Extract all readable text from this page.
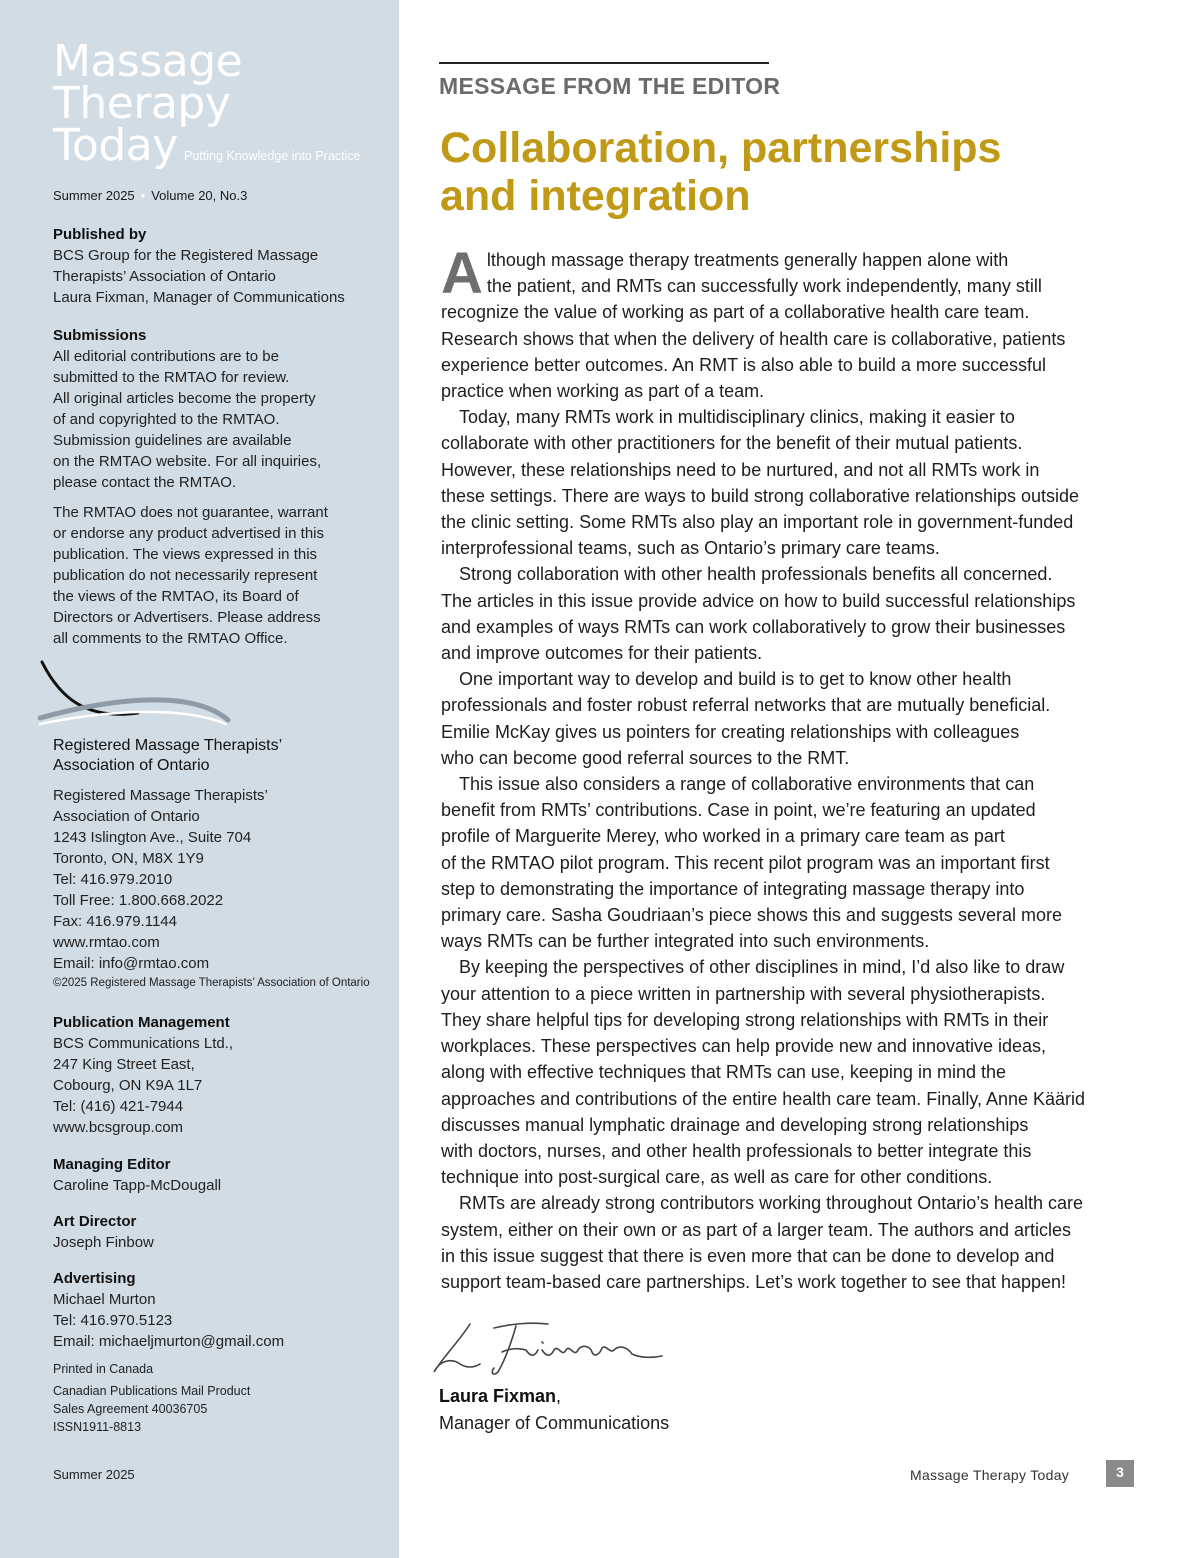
Massage
Therapy
Today Putting Knowledge into Practice
Summer 2025 • Volume 20, No.3
Published by
BCS Group for the Registered Massage
Therapists’ Association of Ontario
Laura Fixman, Manager of Communications
Submissions
All editorial contributions are to be
submitted to the RMTAO for review.
All original articles become the property
of and copyrighted to the RMTAO.
Submission guidelines are available
on the RMTAO website. For all inquiries,
please contact the RMTAO.
The RMTAO does not guarantee, warrant
or endorse any product advertised in this
publication. The views expressed in this
publication do not necessarily represent
the views of the RMTAO, its Board of
Directors or Advertisers. Please address
all comments to the RMTAO Office.
Registered Massage Therapists’
Association of Ontario
Registered Massage Therapists’
Association of Ontario
1243 Islington Ave., Suite 704
Toronto, ON, M8X 1Y9
Tel: 416.979.2010
Toll Free: 1.800.668.2022
Fax: 416.979.1144
www.rmtao.com
Email: info@rmtao.com
©2025 Registered Massage Therapists’ Association of Ontario
Publication Management
BCS Communications Ltd.,
247 King Street East,
Cobourg, ON K9A 1L7
Tel: (416) 421-7944
www.bcsgroup.com
Managing Editor
Caroline Tapp-McDougall
Art Director
Joseph Finbow
Advertising
Michael Murton
Tel: 416.970.5123
Email: michaeljmurton@gmail.com
Printed in Canada
Canadian Publications Mail Product
Sales Agreement 40036705
ISSN1911-8813
Summer 2025
MESSAGE FROM THE EDITOR
Collaboration, partnerships
and integration

A lthough massage therapy treatments generally happen alone with
the patient, and RMTs can successfully work independently, many still
recognize the value of working as part of a collaborative health care team.
Research shows that when the delivery of health care is collaborative, patients
experience better outcomes. An RMT is also able to build a more successful
practice when working as part of a team.

Today, many RMTs work in multidisciplinary clinics, making it easier to
collaborate with other practitioners for the benefit of their mutual patients.
However, these relationships need to be nurtured, and not all RMTs work in
these settings. There are ways to build strong collaborative relationships outside
the clinic setting. Some RMTs also play an important role in government-funded
interprofessional teams, such as Ontario’s primary care teams.

Strong collaboration with other health professionals benefits all concerned.
The articles in this issue provide advice on how to build successful relationships
and examples of ways RMTs can work collaboratively to grow their businesses
and improve outcomes for their patients.

One important way to develop and build is to get to know other health
professionals and foster robust referral networks that are mutually beneficial.
Emilie McKay gives us pointers for creating relationships with colleagues
who can become good referral sources to the RMT.

This issue also considers a range of collaborative environments that can
benefit from RMTs’ contributions. Case in point, we’re featuring an updated
profile of Marguerite Merey, who worked in a primary care team as part
of the RMTAO pilot program. This recent pilot program was an important first
step to demonstrating the importance of integrating massage therapy into
primary care. Sasha Goudriaan’s piece shows this and suggests several more
ways RMTs can be further integrated into such environments.

By keeping the perspectives of other disciplines in mind, I’d also like to draw
your attention to a piece written in partnership with several physiotherapists.
They share helpful tips for developing strong relationships with RMTs in their
workplaces. These perspectives can help provide new and innovative ideas,
along with effective techniques that RMTs can use, keeping in mind the
approaches and contributions of the entire health care team. Finally, Anne Käärid
discusses manual lymphatic drainage and developing strong relationships
with doctors, nurses, and other health professionals to better integrate this
technique into post-surgical care, as well as care for other conditions.

RMTs are already strong contributors working throughout Ontario’s health care
system, either on their own or as part of a larger team. The authors and articles
in this issue suggest that there is even more that can be done to develop and
support team-based care partnerships. Let’s work together to see that happen!

Laura Fixman,
Manager of Communications
Massage Therapy Today	3
